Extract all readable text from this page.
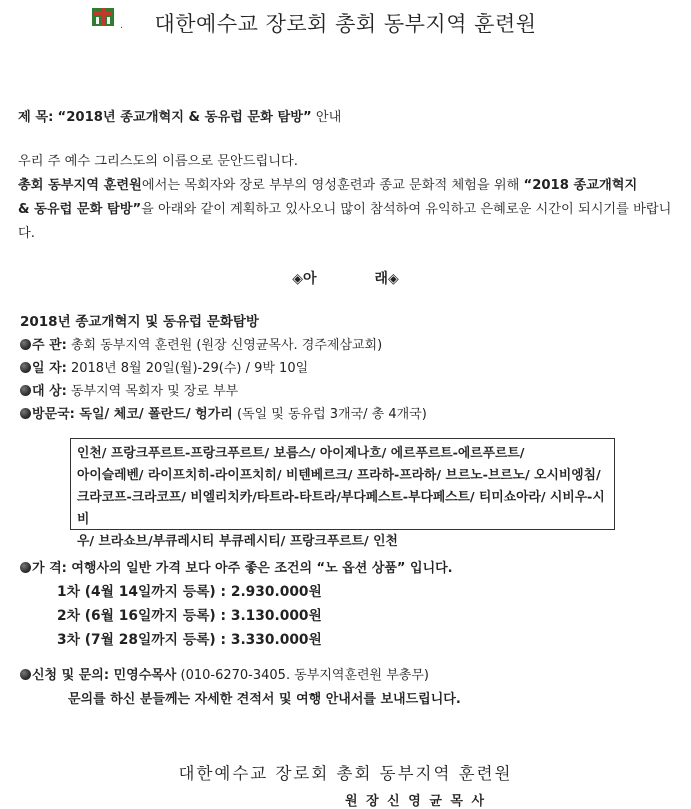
.	대한예수교 장로회 총회 동부지역 훈련원
제 목: “2018년 종교개혁지 & 동유럽 문화 탐방” 안내
우리 주 예수 그리스도의 이름으로 문안드립니다.
총회 동부지역 훈련원에서는 목회자와 장로 부부의 영성훈련과 종교 문화적 체험을 위해 “2018 종교개혁지
& 동유럽 문화 탐방”을 아래와 같이 계획하고 있사오니 많이 참석하여 유익하고 은혜로운 시간이 되시기를 바랍니
다.
◈아	래◈
2018년 종교개혁지 및 동유럽 문화탐방
주 관: 총회 동부지역 훈련원 (원장 신영균목사. 경주제삼교회)
일 자: 2018년 8월 20일(월)-29(수) / 9박 10일
대 상: 동부지역 목회자 및 장로 부부
방문국: 독일/ 체코/ 폴란드/ 헝가리 (독일 및 동유럽 3개국/ 총 4개국)
인천/ 프랑크푸르트-프랑크푸르트/ 보름스/ 아이제나흐/ 에르푸르트-에르푸르트/
아이슬레벤/ 라이프치히-라이프치히/ 비텐베르크/ 프라하-프라하/ 브르노-브르노/ 오시비엥침/
크라코프-크라코프/ 비엘리치카/타트라-타트라/부다페스트-부다페스트/ 티미쇼아라/ 시비우-시비
우/ 브라쇼브/부큐레시티 부큐레시티/ 프랑크푸르트/ 인천
가 격: 여행사의 일반 가격 보다 아주 좋은 조건의 “노 옵션 상품” 입니다.
1차 (4월 14일까지 등록) : 2.930.000원
2차 (6월 16일까지 등록) : 3.130.000원
3차 (7월 28일까지 등록) : 3.330.000원
신청 및 문의: 민영수목사 (010-6270-3405. 동부지역훈련원 부총무)
문의를 하신 분들께는 자세한 견적서 및 여행 안내서를 보내드립니다.
대한예수교 장로회 총회 동부지역 훈련원
원 장 신 영 균 목 사
